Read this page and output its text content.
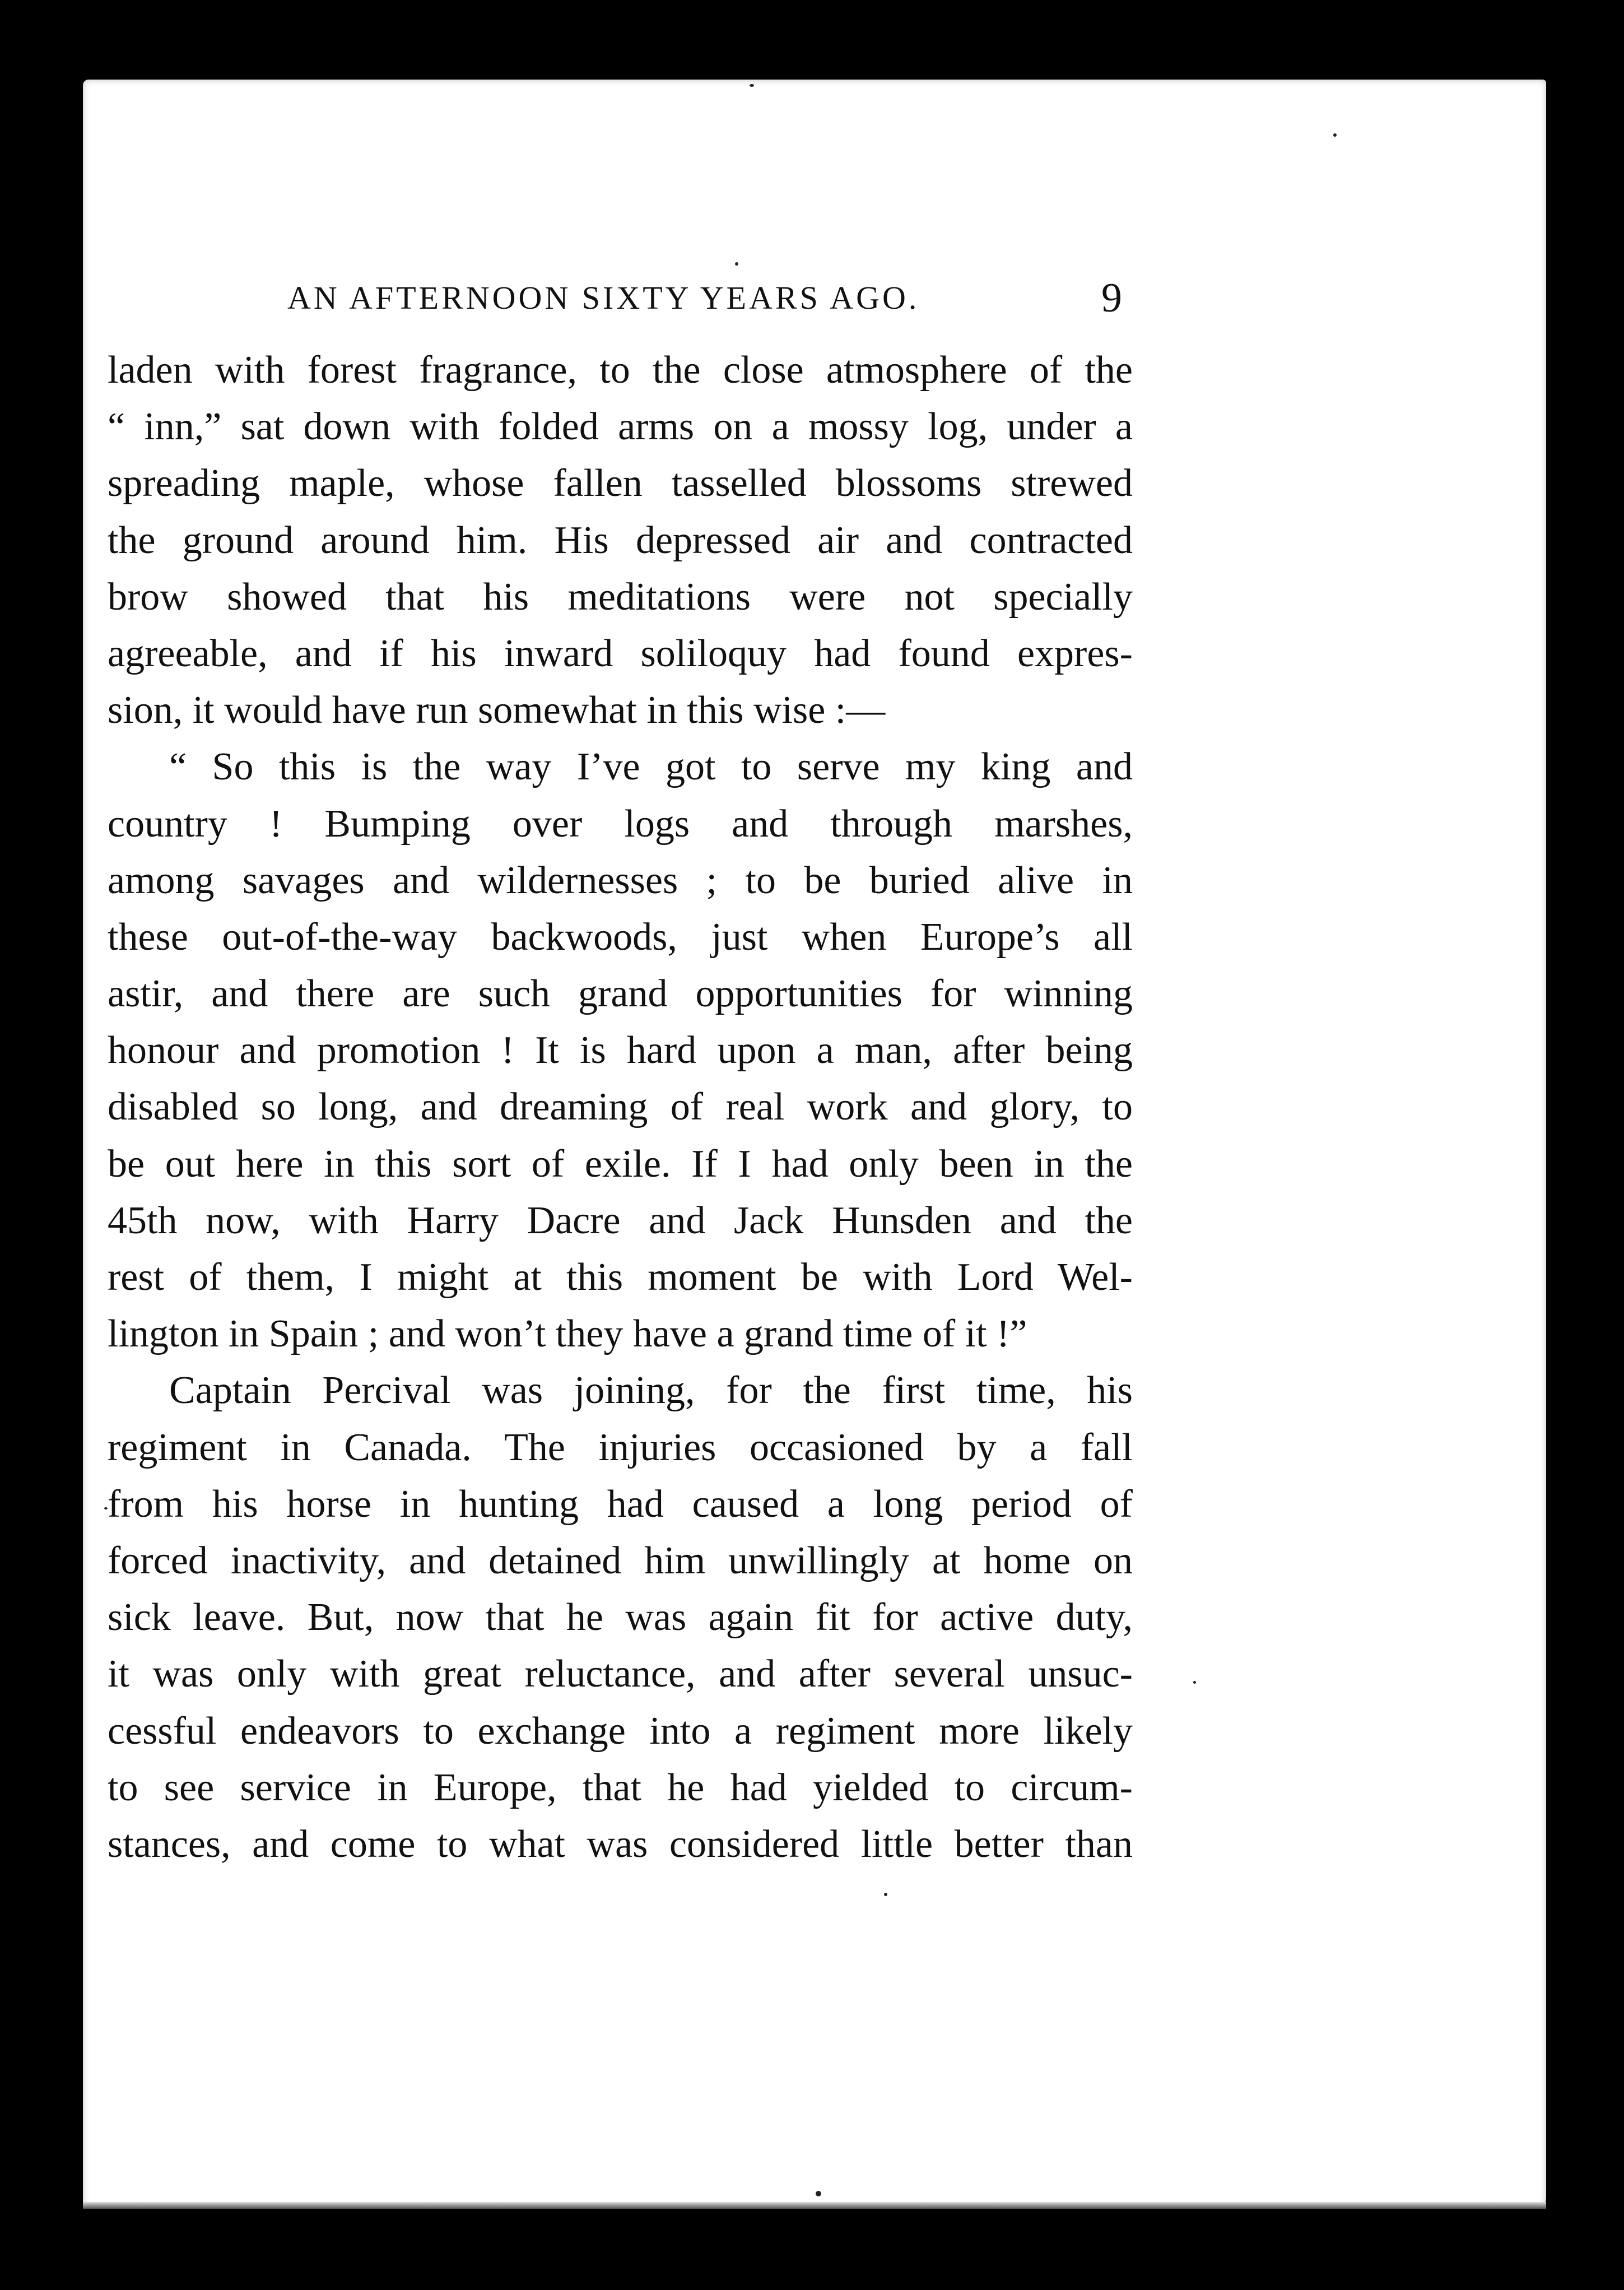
AN AFTERNOON SIXTY YEARS AGO.	9
laden with forest fragrance, to the close atmosphere of the
“ inn,” sat down with folded arms on a mossy log, under a
spreading maple, whose fallen tasselled blossoms strewed
the ground around him. His depressed air and contracted
brow showed that his meditations were not specially
agreeable, and if his inward soliloquy had found expres-
sion, it would have run somewhat in this wise :—
“ So this is the way I’ve got to serve my king and
country ! Bumping over logs and through marshes,
among savages and wildernesses ; to be buried alive in
these out-of-the-way backwoods, just when Europe’s all
astir, and there are such grand opportunities for winning
honour and promotion ! It is hard upon a man, after being
disabled so long, and dreaming of real work and glory, to
be out here in this sort of exile. If I had only been in the
45th now, with Harry Dacre and Jack Hunsden and the
rest of them, I might at this moment be with Lord Wel-
lington in Spain ; and won’t they have a grand time of it !”
Captain Percival was joining, for the first time, his
regiment in Canada. The injuries occasioned by a fall
from his horse in hunting had caused a long period of
forced inactivity, and detained him unwillingly at home on
sick leave. But, now that he was again fit for active duty,
it was only with great reluctance, and after several unsuc-
cessful endeavors to exchange into a regiment more likely
to see service in Europe, that he had yielded to circum-
stances, and come to what was considered little better than
